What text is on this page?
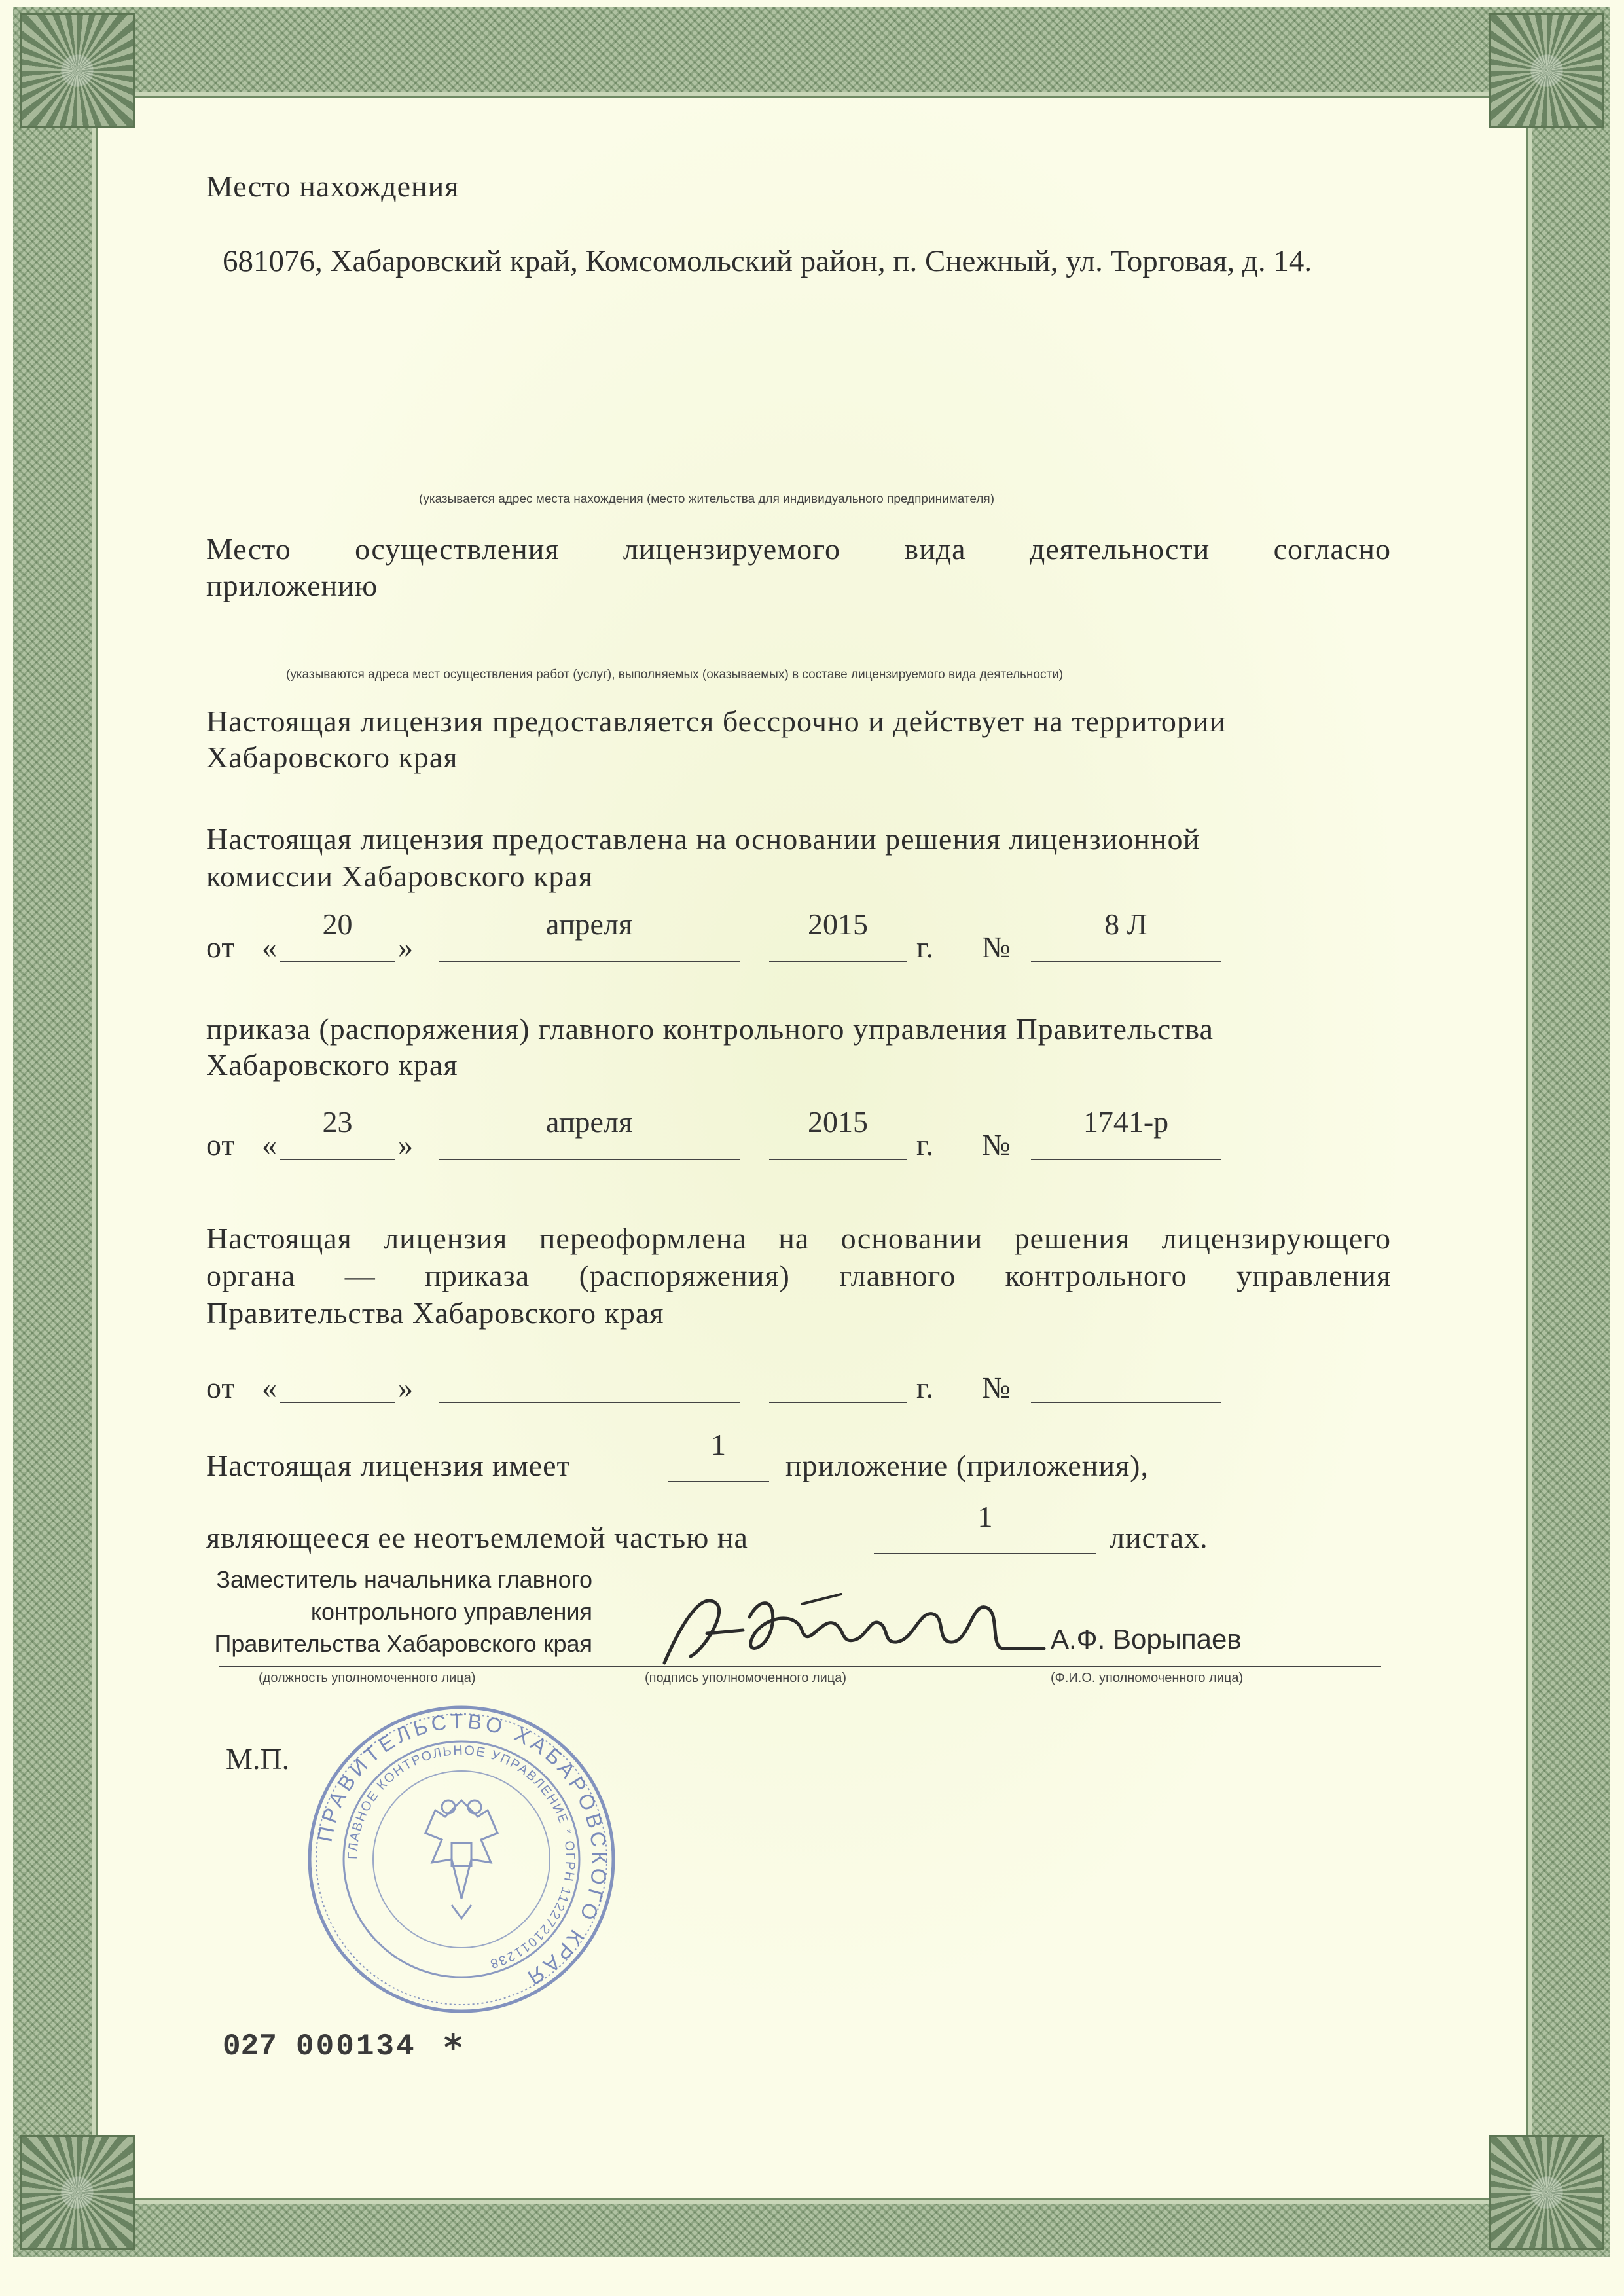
Место нахождения
681076, Хабаровский край, Комсомольский район, п. Снежный, ул. Торговая, д. 14.
(указывается адрес места нахождения (место жительства для индивидуального предпринимателя)
Место осуществления лицензируемого вида деятельности согласно
приложению
(указываются адреса мест осуществления работ (услуг), выполняемых (оказываемых) в составе лицензируемого вида деятельности)
Настоящая лицензия предоставляется бессрочно и действует на территории
Хабаровского края
Настоящая лицензия предоставлена на основании решения лицензионной
комиссии Хабаровского края
от «
20
»
апреля	2015
г. №
8 Л
приказа (распоряжения) главного контрольного управления Правительства
Хабаровского края
от «
23
»
апреля	2015
г. №
1741-р
Настоящая лицензия переоформлена на основании решения лицензирующего
органа — приказа (распоряжения) главного контрольного управления
Правительства Хабаровского края
от «	»	г. №
Настоящая лицензия имеет
1
приложение (приложения),
являющееся ее неотъемлемой частью на
1
листах.
Заместитель начальника главного
контрольного управления
Правительства Хабаровского края
(должность уполномоченного лица)	(подпись уполномоченного лица)
А.Ф. Ворыпаев
(Ф.И.О. уполномоченного лица)
М.П.
ПРАВИТЕЛЬСТВО ХАБАРОВСКОГО КРАЯ
ГЛАВНОЕ КОНТРОЛЬНОЕ УПРАВЛЕНИЕ * ОГРН 1122721011238
027 000134 *
